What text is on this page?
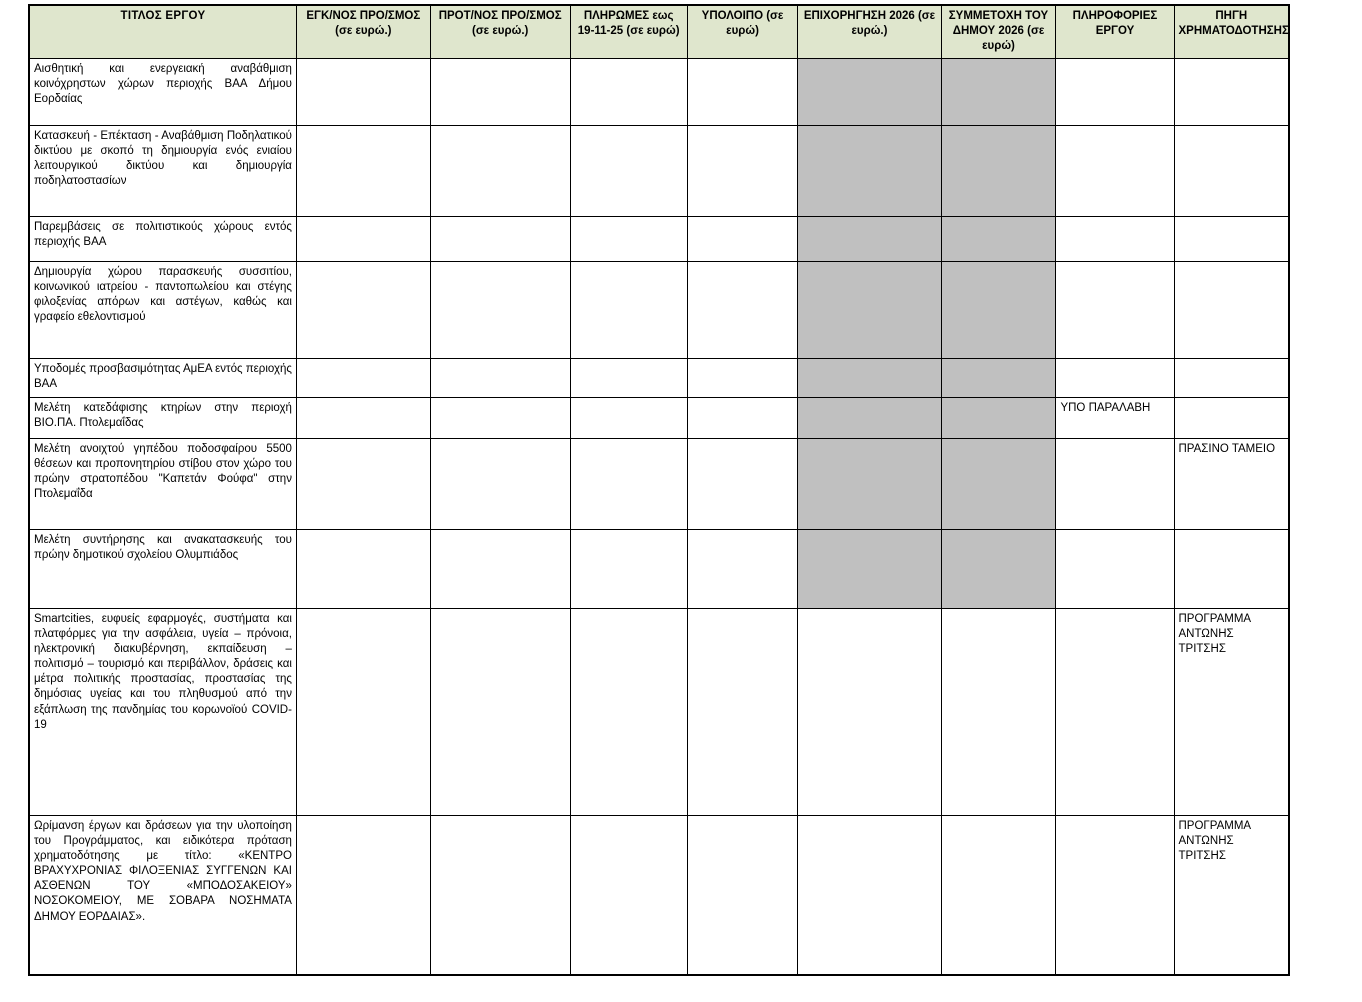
ΤΙΤΛΟΣ ΕΡΓΟΥ	ΕΓΚ/ΝΟΣ ΠΡΟ/ΣΜΟΣ (σε ευρώ.)	ΠΡΟΤ/ΝΟΣ ΠΡΟ/ΣΜΟΣ (σε ευρώ.)	ΠΛΗΡΩΜΕΣ εως 19-11-25 (σε ευρώ)	ΥΠΟΛΟΙΠΟ (σε ευρώ)	ΕΠΙΧΟΡΗΓΗΣΗ 2026 (σε ευρώ.)	ΣΥΜΜΕΤΟΧΗ ΤΟΥ ΔΗΜΟΥ 2026 (σε ευρώ)	ΠΛΗΡΟΦΟΡΙΕΣ ΕΡΓΟΥ	ΠΗΓΗ ΧΡΗΜΑΤΟΔΟΤΗΣΗΣ

Αισθητική και ενεργειακή αναβάθμιση κοινόχρηστων χώρων περιοχής ΒΑΑ Δήμου Εορδαίας								

Κατασκευή - Επέκταση - Αναβάθμιση Ποδηλατικού δικτύου με σκοπό τη δημιουργία ενός ενιαίου λειτουργικού δικτύου και δημιουργία ποδηλατοστασίων								

Παρεμβάσεις σε πολιτιστικούς χώρους εντός περιοχής ΒΑΑ								

Δημιουργία χώρου παρασκευής συσσιτίου, κοινωνικού ιατρείου - παντοπωλείου και στέγης φιλοξενίας απόρων και αστέγων, καθώς και γραφείο εθελοντισμού								

Υποδομές προσβασιμότητας ΑμΕΑ εντός περιοχής ΒΑΑ								

Μελέτη κατεδάφισης κτηρίων στην περιοχή ΒΙΟ.ΠΑ. Πτολεμαΐδας							ΥΠΟ ΠΑΡΑΛΑΒΗ	

Μελέτη ανοιχτού γηπέδου ποδοσφαίρου 5500 θέσεων και προπονητηρίου στίβου στον χώρο του πρώην στρατοπέδου "Καπετάν Φούφα" στην Πτολεμαΐδα								ΠΡΑΣΙΝΟ ΤΑΜΕΙΟ

Μελέτη συντήρησης και ανακατασκευής του πρώην δημοτικού σχολείου Ολυμπιάδος								

Smartcities, ευφυείς εφαρμογές, συστήματα και πλατφόρμες για την ασφάλεια, υγεία – πρόνοια, ηλεκτρονική διακυβέρνηση, εκπαίδευση – πολιτισμό – τουρισμό και περιβάλλον, δράσεις και μέτρα πολιτικής προστασίας, προστασίας της δημόσιας υγείας και του πληθυσμού από την εξάπλωση της πανδημίας του κορωνοϊού COVID-19								ΠΡΟΓΡΑΜΜΑ ΑΝΤΩΝΗΣ ΤΡΙΤΣΗΣ

Ωρίμανση έργων και δράσεων για την υλοποίηση του Προγράμματος, και ειδικότερα πρόταση χρηματοδότησης με τίτλο: «ΚΕΝΤΡΟ ΒΡΑΧΥΧΡΟΝΙΑΣ ΦΙΛΟΞΕΝΙΑΣ ΣΥΓΓΕΝΩΝ ΚΑΙ ΑΣΘΕΝΩΝ ΤΟΥ «ΜΠΟΔΟΣΑΚΕΙΟΥ» ΝΟΣΟΚΟΜΕΙΟΥ, ΜΕ ΣΟΒΑΡΑ ΝΟΣΗΜΑΤΑ ΔΗΜΟΥ ΕΟΡΔΑΙΑΣ».								ΠΡΟΓΡΑΜΜΑ ΑΝΤΩΝΗΣ ΤΡΙΤΣΗΣ
